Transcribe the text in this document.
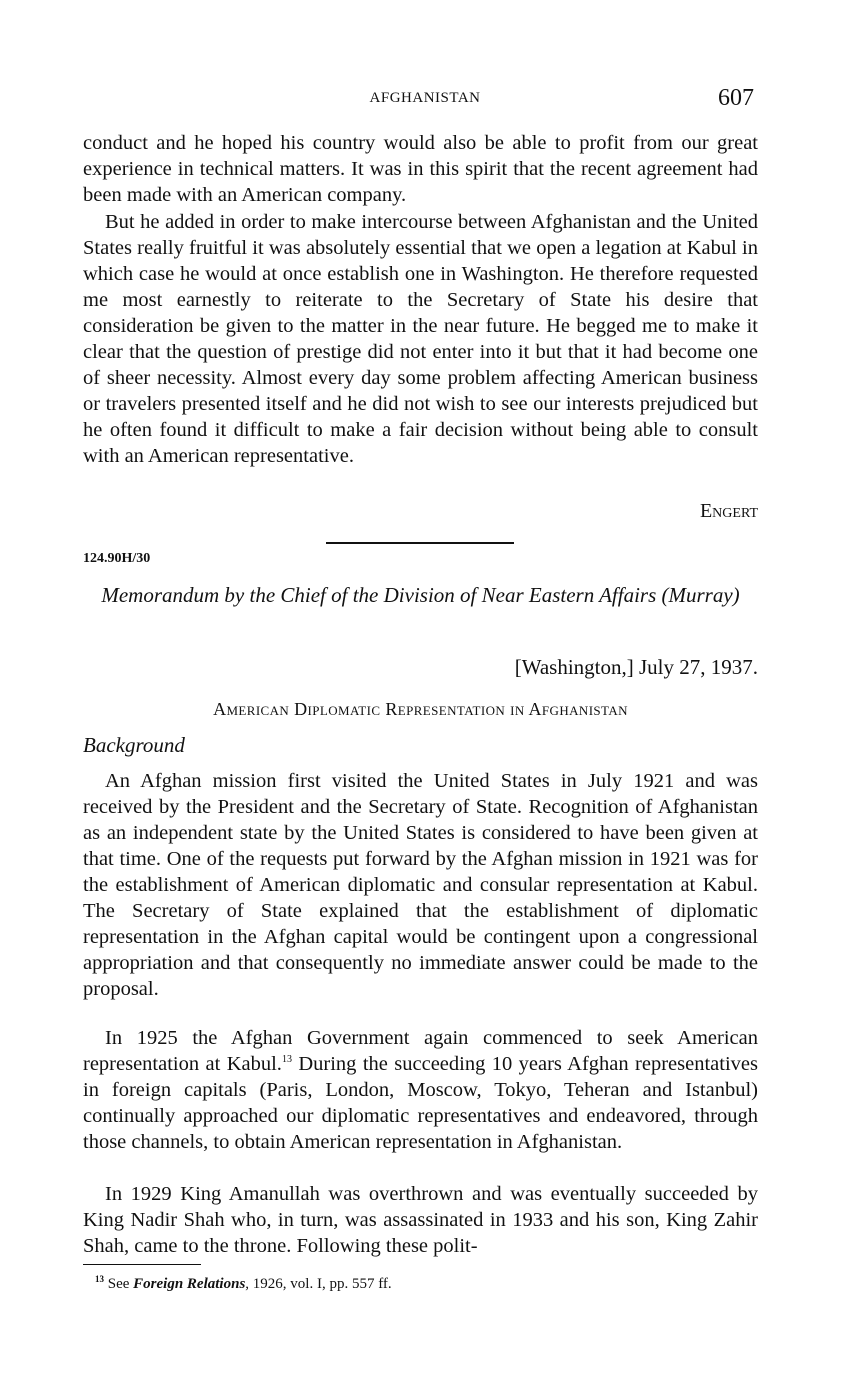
AFGHANISTAN	607

conduct and he hoped his country would also be able to profit from our great experience in technical matters. It was in this spirit that the recent agreement had been made with an American company.

But he added in order to make intercourse between Afghanistan and the United States really fruitful it was absolutely essential that we open a legation at Kabul in which case he would at once establish one in Washington. He therefore requested me most earnestly to reiterate to the Secretary of State his desire that consideration be given to the matter in the near future. He begged me to make it clear that the question of prestige did not enter into it but that it had become one of sheer necessity. Almost every day some problem affecting American business or travelers presented itself and he did not wish to see our interests prejudiced but he often found it difficult to make a fair decision without being able to consult with an American representative.

Engert
124.90H/30
Memorandum by the Chief of the Division of Near Eastern Affairs (Murray)
[Washington,] July 27, 1937.
American Diplomatic Representation in Afghanistan
Background

An Afghan mission first visited the United States in July 1921 and was received by the President and the Secretary of State. Recognition of Afghanistan as an independent state by the United States is considered to have been given at that time. One of the requests put forward by the Afghan mission in 1921 was for the establishment of American diplomatic and consular representation at Kabul. The Secretary of State explained that the establishment of diplomatic representation in the Afghan capital would be contingent upon a congressional appropriation and that consequently no immediate answer could be made to the proposal.

In 1925 the Afghan Government again commenced to seek American representation at Kabul.$^{13}$ During the succeeding 10 years Afghan representatives in foreign capitals (Paris, London, Moscow, Tokyo, Teheran and Istanbul) continually approached our diplomatic representatives and endeavored, through those channels, to obtain American representation in Afghanistan.

In 1929 King Amanullah was overthrown and was eventually succeeded by King Nadir Shah who, in turn, was assassinated in 1933 and his son, King Zahir Shah, came to the throne. Following these polit-

$^{13}$ See Foreign Relations, 1926, vol. I, pp. 557 ff.
